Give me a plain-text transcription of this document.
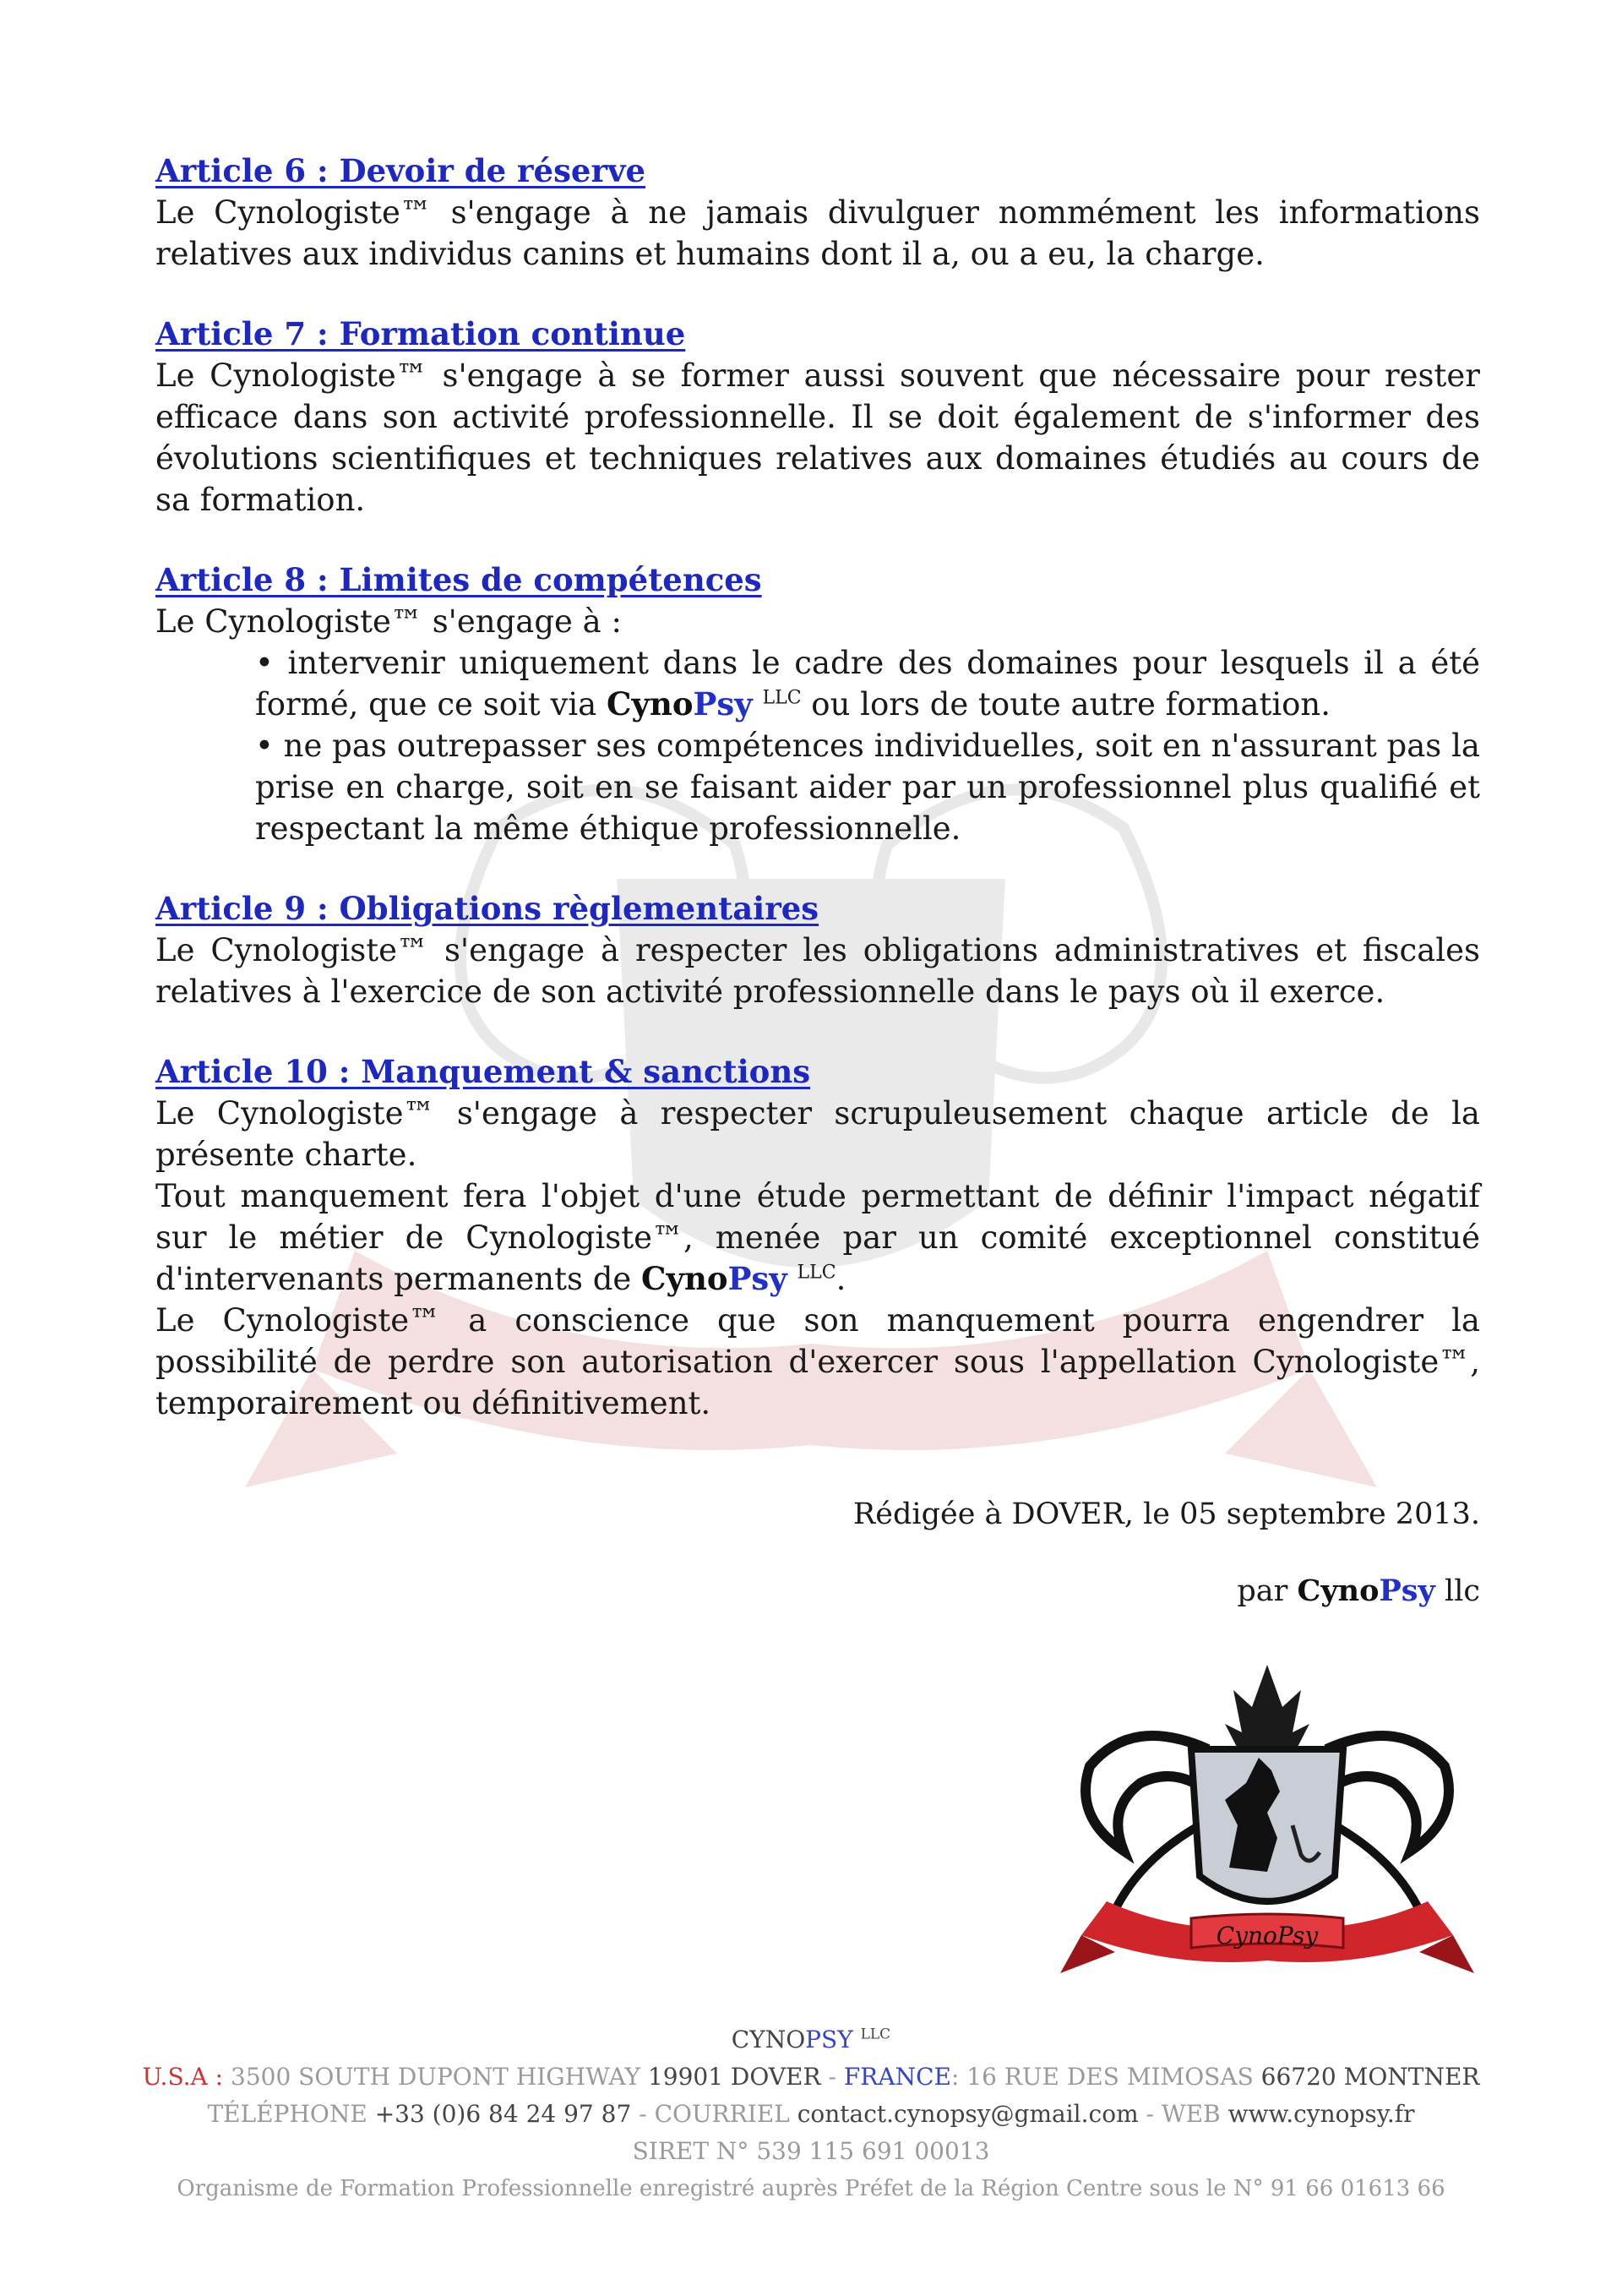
Article 6 : Devoir de réserve

Le Cynologiste™ s'engage à ne jamais divulguer nommément les informations relatives aux individus canins et humains dont il a, ou a eu, la charge.

Article 7 : Formation continue

Le Cynologiste™ s'engage à se former aussi souvent que nécessaire pour rester efficace dans son activité professionnelle. Il se doit également de s'informer des évolutions scientifiques et techniques relatives aux domaines étudiés au cours de sa formation.

Article 8 : Limites de compétences

Le Cynologiste™ s'engage à :

• intervenir uniquement dans le cadre des domaines pour lesquels il a été formé, que ce soit via CynoPsy $^{LLC}$ ou lors de toute autre formation.

• ne pas outrepasser ses compétences individuelles, soit en n'assurant pas la prise en charge, soit en se faisant aider par un professionnel plus qualifié et respectant la même éthique professionnelle.

Article 9 : Obligations règlementaires

Le Cynologiste™ s'engage à respecter les obligations administratives et fiscales relatives à l'exercice de son activité professionnelle dans le pays où il exerce.

Article 10 : Manquement & sanctions

Le Cynologiste™ s'engage à respecter scrupuleusement chaque article de la présente charte.

Tout manquement fera l'objet d'une étude permettant de définir l'impact négatif sur le métier de Cynologiste™, menée par un comité exceptionnel constitué d'intervenants permanents de CynoPsy $^{LLC}$.

Le Cynologiste™ a conscience que son manquement pourra engendrer la possibilité de perdre son autorisation d'exercer sous l'appellation Cynologiste™, temporairement ou définitivement.

Rédigée à DOVER, le 05 septembre 2013.
par CynoPsy llc
CynoPsy
CYNOPSY $^{LLC}$
U.S.A : 3500 SOUTH DUPONT HIGHWAY 19901 DOVER - FRANCE: 16 RUE DES MIMOSAS 66720 MONTNER
TÉLÉPHONE +33 (0)6 84 24 97 87 - COURRIEL contact.cynopsy@gmail.com - WEB www.cynopsy.fr
SIRET N° 539 115 691 00013
Organisme de Formation Professionnelle enregistré auprès Préfet de la Région Centre sous le N° 91 66 01613 66
